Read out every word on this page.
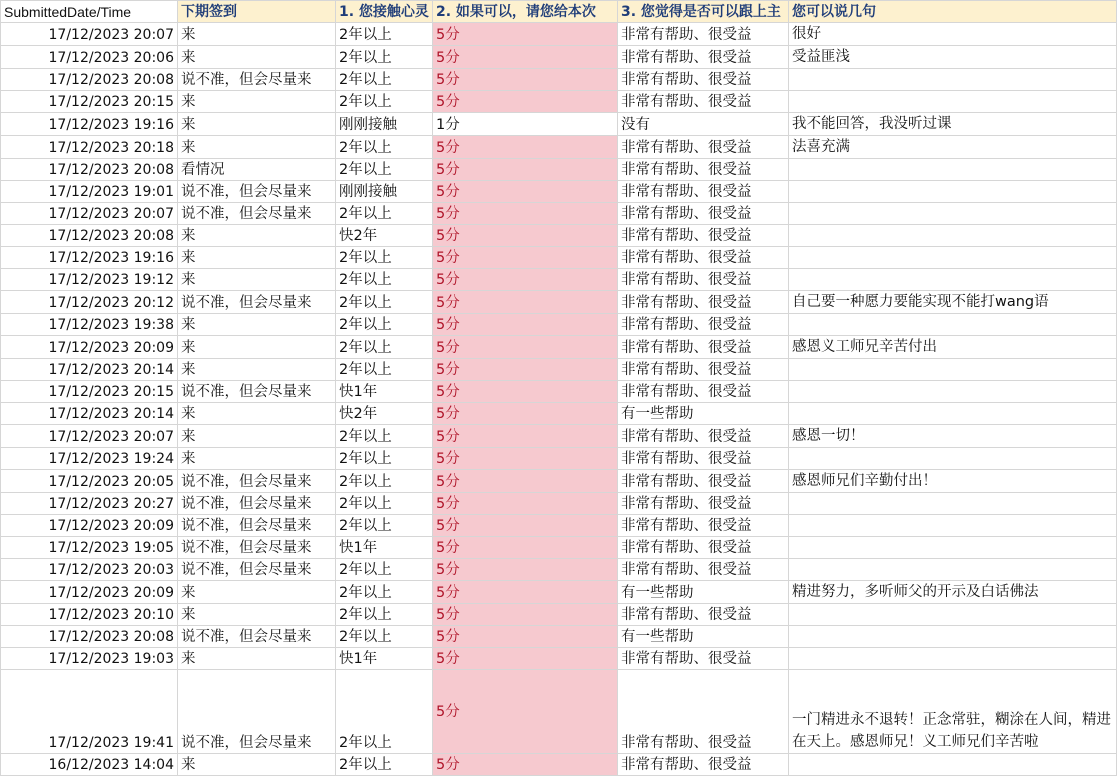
SubmittedDate/Time	下期签到	1. 您接触心灵	2. 如果可以，请您给本次	3. 您觉得是否可以跟上主	您可以说几句
17/12/2023 20:07	来	2年以上	5分	非常有帮助、很受益	很好
17/12/2023 20:06	来	2年以上	5分	非常有帮助、很受益	受益匪浅
17/12/2023 20:08	说不准，但会尽量来	2年以上	5分	非常有帮助、很受益	
17/12/2023 20:15	来	2年以上	5分	非常有帮助、很受益	
17/12/2023 19:16	来	刚刚接触	1分	没有	我不能回答，我没听过课
17/12/2023 20:18	来	2年以上	5分	非常有帮助、很受益	法喜充满
17/12/2023 20:08	看情况	2年以上	5分	非常有帮助、很受益	
17/12/2023 19:01	说不准，但会尽量来	刚刚接触	5分	非常有帮助、很受益	
17/12/2023 20:07	说不准，但会尽量来	2年以上	5分	非常有帮助、很受益	
17/12/2023 20:08	来	快2年	5分	非常有帮助、很受益	
17/12/2023 19:16	来	2年以上	5分	非常有帮助、很受益	
17/12/2023 19:12	来	2年以上	5分	非常有帮助、很受益	
17/12/2023 20:12	说不准，但会尽量来	2年以上	5分	非常有帮助、很受益	自己要一种愿力要能实现不能打wang语
17/12/2023 19:38	来	2年以上	5分	非常有帮助、很受益	
17/12/2023 20:09	来	2年以上	5分	非常有帮助、很受益	感恩义工师兄辛苦付出
17/12/2023 20:14	来	2年以上	5分	非常有帮助、很受益	
17/12/2023 20:15	说不准，但会尽量来	快1年	5分	非常有帮助、很受益	
17/12/2023 20:14	来	快2年	5分	有一些帮助	
17/12/2023 20:07	来	2年以上	5分	非常有帮助、很受益	感恩一切！
17/12/2023 19:24	来	2年以上	5分	非常有帮助、很受益	
17/12/2023 20:05	说不准，但会尽量来	2年以上	5分	非常有帮助、很受益	感恩师兄们辛勤付出！
17/12/2023 20:27	说不准，但会尽量来	2年以上	5分	非常有帮助、很受益	
17/12/2023 20:09	说不准，但会尽量来	2年以上	5分	非常有帮助、很受益	
17/12/2023 19:05	说不准，但会尽量来	快1年	5分	非常有帮助、很受益	
17/12/2023 20:03	说不准，但会尽量来	2年以上	5分	非常有帮助、很受益	
17/12/2023 20:09	来	2年以上	5分	有一些帮助	精进努力，多听师父的开示及白话佛法
17/12/2023 20:10	来	2年以上	5分	非常有帮助、很受益	
17/12/2023 20:08	说不准，但会尽量来	2年以上	5分	有一些帮助	
17/12/2023 19:03	来	快1年	5分	非常有帮助、很受益	
17/12/2023 19:41	说不准，但会尽量来	2年以上	5分	非常有帮助、很受益	一门精进永不退转！正念常驻，糊涂在人间，精进在天上。感恩师兄！义工师兄们辛苦啦
16/12/2023 14:04	来	2年以上	5分	非常有帮助、很受益	
